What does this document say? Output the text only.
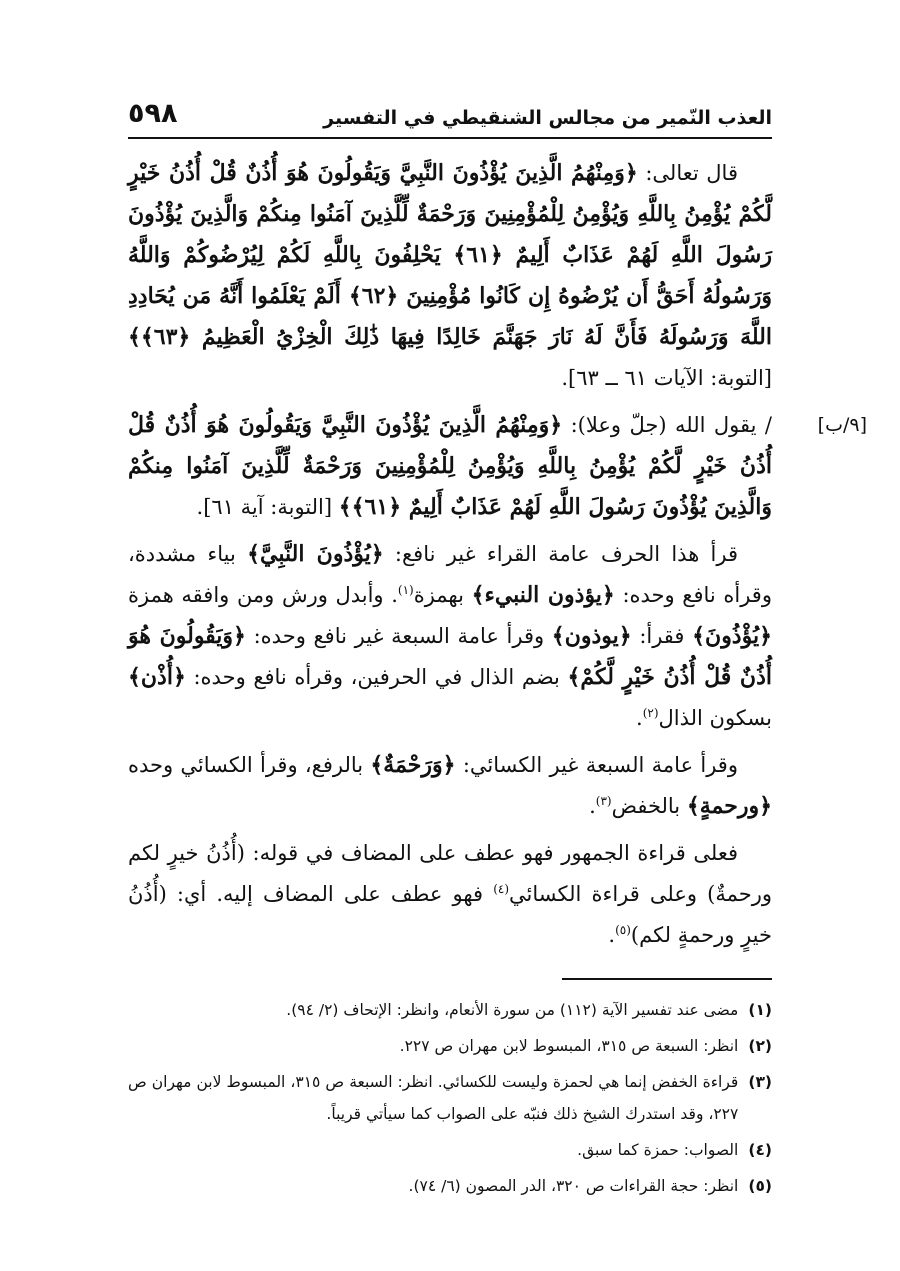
العذب النّمير من مجالس الشنقيطي في التفسير
٥٩٨

قال تعالى: ﴿وَمِنْهُمُ الَّذِينَ يُؤْذُونَ النَّبِيَّ وَيَقُولُونَ هُوَ أُذُنٌ قُلْ أُذُنُ خَيْرٍ لَّكُمْ يُؤْمِنُ بِاللَّهِ وَيُؤْمِنُ لِلْمُؤْمِنِينَ وَرَحْمَةٌ لِّلَّذِينَ آمَنُوا مِنكُمْ وَالَّذِينَ يُؤْذُونَ رَسُولَ اللَّهِ لَهُمْ عَذَابٌ أَلِيمٌ ﴿٦١﴾ يَحْلِفُونَ بِاللَّهِ لَكُمْ لِيُرْضُوكُمْ وَاللَّهُ وَرَسُولُهُ أَحَقُّ أَن يُرْضُوهُ إِن كَانُوا مُؤْمِنِينَ ﴿٦٢﴾ أَلَمْ يَعْلَمُوا أَنَّهُ مَن يُحَادِدِ اللَّهَ وَرَسُولَهُ فَأَنَّ لَهُ نَارَ جَهَنَّمَ خَالِدًا فِيهَا ذَٰلِكَ الْخِزْيُ الْعَظِيمُ ﴿٦٣﴾﴾ [التوبة: الآيات ٦١ ــ ٦٣].

[٩/ب]

/ يقول الله (جلّ وعلا): ﴿وَمِنْهُمُ الَّذِينَ يُؤْذُونَ النَّبِيَّ وَيَقُولُونَ هُوَ أُذُنٌ قُلْ أُذُنُ خَيْرٍ لَّكُمْ يُؤْمِنُ بِاللَّهِ وَيُؤْمِنُ لِلْمُؤْمِنِينَ وَرَحْمَةٌ لِّلَّذِينَ آمَنُوا مِنكُمْ وَالَّذِينَ يُؤْذُونَ رَسُولَ اللَّهِ لَهُمْ عَذَابٌ أَلِيمٌ ﴿٦١﴾﴾ [التوبة: آية ٦١].

قرأ هذا الحرف عامة القراء غير نافع: ﴿يُؤْذُونَ النَّبِيَّ﴾ بياء مشددة، وقرأه نافع وحده: ﴿يؤذون النبيء﴾ بهمزة$^{(١)}$. وأبدل ورش ومن وافقه همزة ﴿يُؤْذُونَ﴾ فقرأ: ﴿يوذون﴾ وقرأ عامة السبعة غير نافع وحده: ﴿وَيَقُولُونَ هُوَ أُذُنٌ قُلْ أُذُنُ خَيْرٍ لَّكُمْ﴾ بضم الذال في الحرفين، وقرأه نافع وحده: ﴿أُذْن﴾ بسكون الذال$^{(٢)}$.

وقرأ عامة السبعة غير الكسائي: ﴿وَرَحْمَةٌ﴾ بالرفع، وقرأ الكسائي وحده ﴿ورحمةٍ﴾ بالخفض$^{(٣)}$.

فعلى قراءة الجمهور فهو عطف على المضاف في قوله: (أُذُنُ خيرٍ لكم ورحمةٌ) وعلى قراءة الكسائي$^{(٤)}$ فهو عطف على المضاف إليه. أي: (أُذُنُ خيرٍ ورحمةٍ لكم)$^{(٥)}$.

(١)
مضى عند تفسير الآية (١١٢) من سورة الأنعام، وانظر: الإتحاف (٢/ ٩٤).
(٢)
انظر: السبعة ص ٣١٥، المبسوط لابن مهران ص ٢٢٧.
(٣)
قراءة الخفض إنما هي لحمزة وليست للكسائي. انظر: السبعة ص ٣١٥، المبسوط لابن مهران ص ٢٢٧، وقد استدرك الشيخ ذلك فنبّه على الصواب كما سيأتي قريباً.
(٤)
الصواب: حمزة كما سبق.
(٥)
انظر: حجة القراءات ص ٣٢٠، الدر المصون (٦/ ٧٤).
